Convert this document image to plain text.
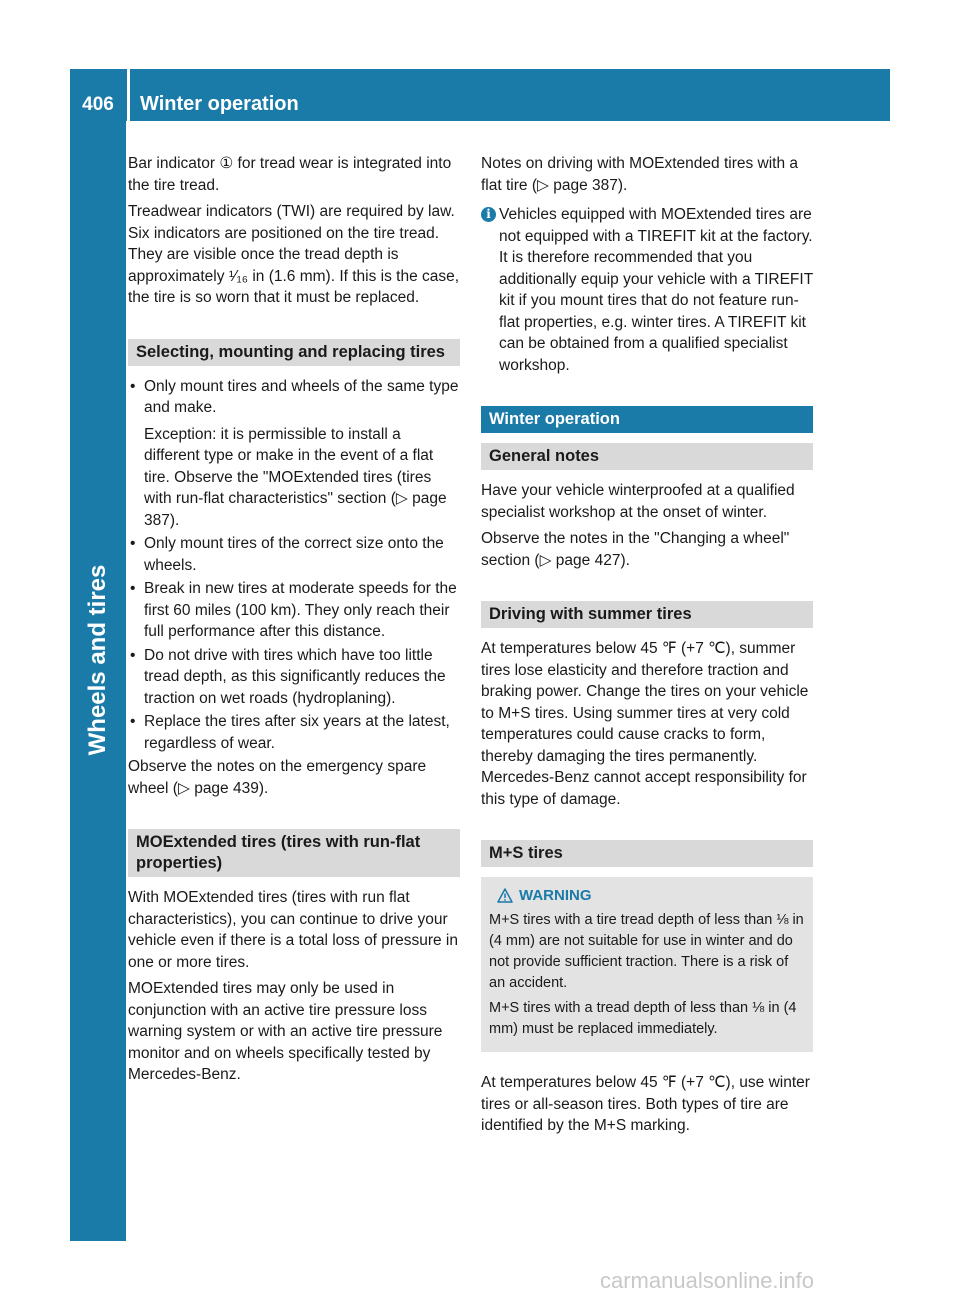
406	Winter operation
Wheels and tires

Bar indicator ① for tread wear is integrated into the tire tread.

Treadwear indicators (TWI) are required by law. Six indicators are positioned on the tire tread. They are visible once the tread depth is approximately ¹⁄₁₆ in (1.6 mm). If this is the case, the tire is so worn that it must be replaced.

Selecting, mounting and replacing tires
• Only mount tires and wheels of the same type and make.
Exception: it is permissible to install a different type or make in the event of a flat tire. Observe the "MOExtended tires (tires with run-flat characteristics" section (▷ page 387).
• Only mount tires of the correct size onto the wheels.
• Break in new tires at moderate speeds for the first 60 miles (100 km). They only reach their full performance after this distance.
• Do not drive with tires which have too little tread depth, as this significantly reduces the traction on wet roads (hydroplaning).
• Replace the tires after six years at the latest, regardless of wear.

Observe the notes on the emergency spare wheel (▷ page 439).

MOExtended tires (tires with run-flat properties)

With MOExtended tires (tires with run flat characteristics), you can continue to drive your vehicle even if there is a total loss of pressure in one or more tires.

MOExtended tires may only be used in conjunction with an active tire pressure loss warning system or with an active tire pressure monitor and on wheels specifically tested by Mercedes-Benz.

Notes on driving with MOExtended tires with a flat tire (▷ page 387).

i Vehicles equipped with MOExtended tires are not equipped with a TIREFIT kit at the factory. It is therefore recommended that you additionally equip your vehicle with a TIREFIT kit if you mount tires that do not feature run-flat properties, e.g. winter tires. A TIREFIT kit can be obtained from a qualified specialist workshop.
Winter operation
General notes

Have your vehicle winterproofed at a qualified specialist workshop at the onset of winter.

Observe the notes in the "Changing a wheel" section (▷ page 427).

Driving with summer tires

At temperatures below 45 ℉ (+7 ℃), summer tires lose elasticity and therefore traction and braking power. Change the tires on your vehicle to M+S tires. Using summer tires at very cold temperatures could cause cracks to form, thereby damaging the tires permanently. Mercedes-Benz cannot accept responsibility for this type of damage.

M+S tires
WARNING

M+S tires with a tire tread depth of less than ⅛ in (4 mm) are not suitable for use in winter and do not provide sufficient traction. There is a risk of an accident.

M+S tires with a tread depth of less than ⅛ in (4 mm) must be replaced immediately.

At temperatures below 45 ℉ (+7 ℃), use winter tires or all-season tires. Both types of tire are identified by the M+S marking.

carmanualsonline.info
